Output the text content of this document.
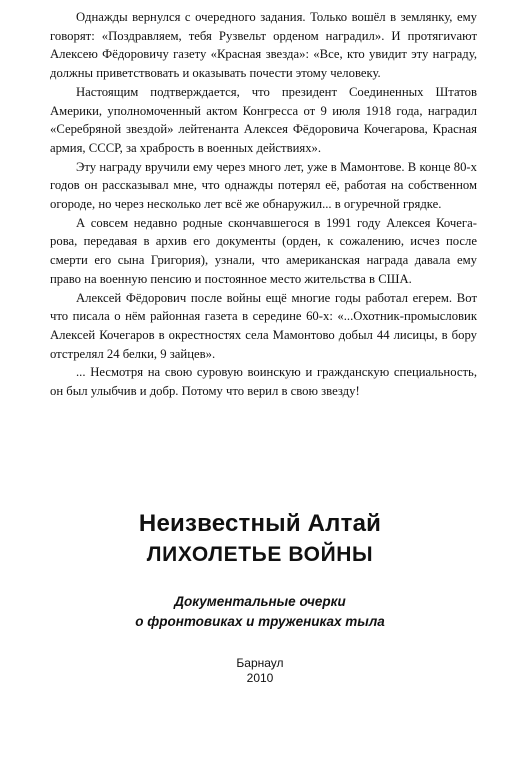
Однажды вернулся с очередного задания. Только вошёл в землянку, ему говорят: «Поздравляем, тебя Рузвельт орденом наградил». И протягиvают Алексею Фёдоровичу газету «Красная звезда»: «Все, кто увидит эту награду, должны приветствовать и оказывать почести этому человеку.

Настоящим подтверждается, что президент Соединенных Штатов Америки, уполномоченный актом Конгресса от 9 июля 1918 года, наградил «Серебряной звездой» лейтенанта Алексея Фёдоровича Кочегарова, Красная армия, СССР, за храбрость в военных действиях».

Эту награду вручили ему через много лет, уже в Мамонтове. В конце 80-х годов он рассказывал мне, что однажды потерял её, работая на собственном огороде, но через несколько лет всё же обнаружил... в огуречной грядке.

А совсем недавно родные скончавшегося в 1991 году Алексея Кочегарова, передавая в архив его документы (орден, к сожалению, исчез после смерти его сына Григория), узнали, что американская награда давала ему право на военную пенсию и постоянное место жительства в США.

Алексей Фёдорович после войны ещё многие годы работал егерем. Вот что писала о нём районная газета в середине 60-х: «...Охотник-промысловик Алексей Кочегаров в окрестностях села Мамонтово добыл 44 лисицы, в бору отстрелял 24 белки, 9 зайцев».

... Несмотря на свою суровую воинскую и гражданскую специальность, он был улыбчив и добр. Потому что верил в свою звезду!

Неизвестный Алтай
ЛИХОЛЕТЬЕ ВОЙНЫ
Документальные очерки
о фронтовиках и тружениках тыла
Барнаул
2010
